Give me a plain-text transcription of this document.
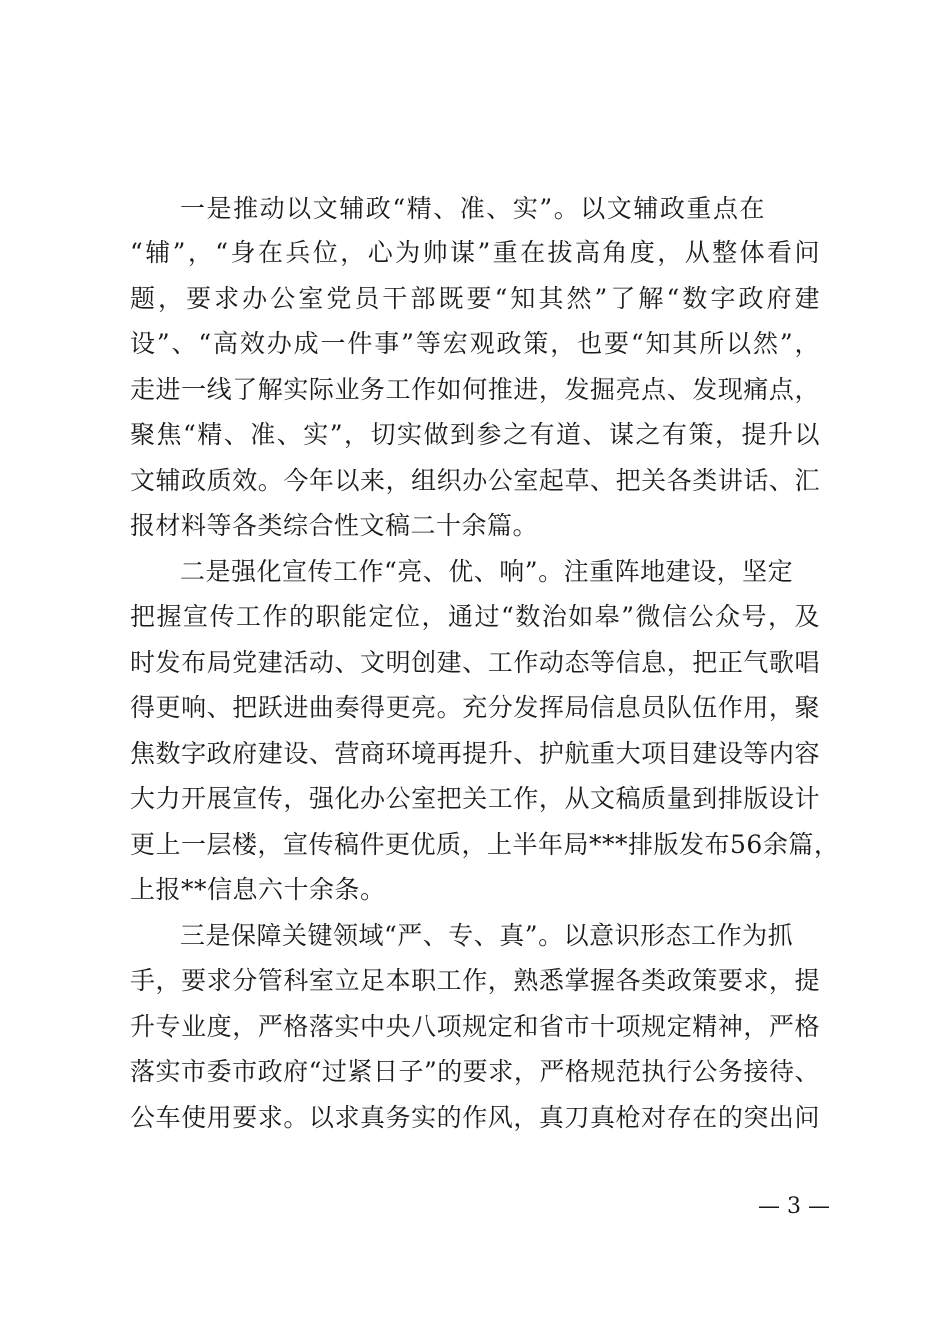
一是推动以文辅政“精、准、实”。以文辅政重点在
“辅”，“身在兵位，心为帅谋”重在拔高角度，从整体看问
题，要求办公室党员干部既要“知其然”了解“数字政府建
设”、“高效办成一件事”等宏观政策，也要“知其所以然”，
走进一线了解实际业务工作如何推进，发掘亮点、发现痛点，
聚焦“精、准、实”，切实做到参之有道、谋之有策，提升以
文辅政质效。今年以来，组织办公室起草、把关各类讲话、汇
报材料等各类综合性文稿二十余篇。
二是强化宣传工作“亮、优、响”。注重阵地建设，坚定
把握宣传工作的职能定位，通过“数治如皋”微信公众号，及
时发布局党建活动、文明创建、工作动态等信息，把正气歌唱
得更响、把跃进曲奏得更亮。充分发挥局信息员队伍作用，聚
焦数字政府建设、营商环境再提升、护航重大项目建设等内容
大力开展宣传，强化办公室把关工作，从文稿质量到排版设计
更上一层楼，宣传稿件更优质，上半年局***排版发布56余篇，
上报**信息六十余条。
三是保障关键领域“严、专、真”。以意识形态工作为抓
手，要求分管科室立足本职工作，熟悉掌握各类政策要求，提
升专业度，严格落实中央八项规定和省市十项规定精神，严格
落实市委市政府“过紧日子”的要求，严格规范执行公务接待、
公车使用要求。以求真务实的作风，真刀真枪对存在的突出问
— 3 —
